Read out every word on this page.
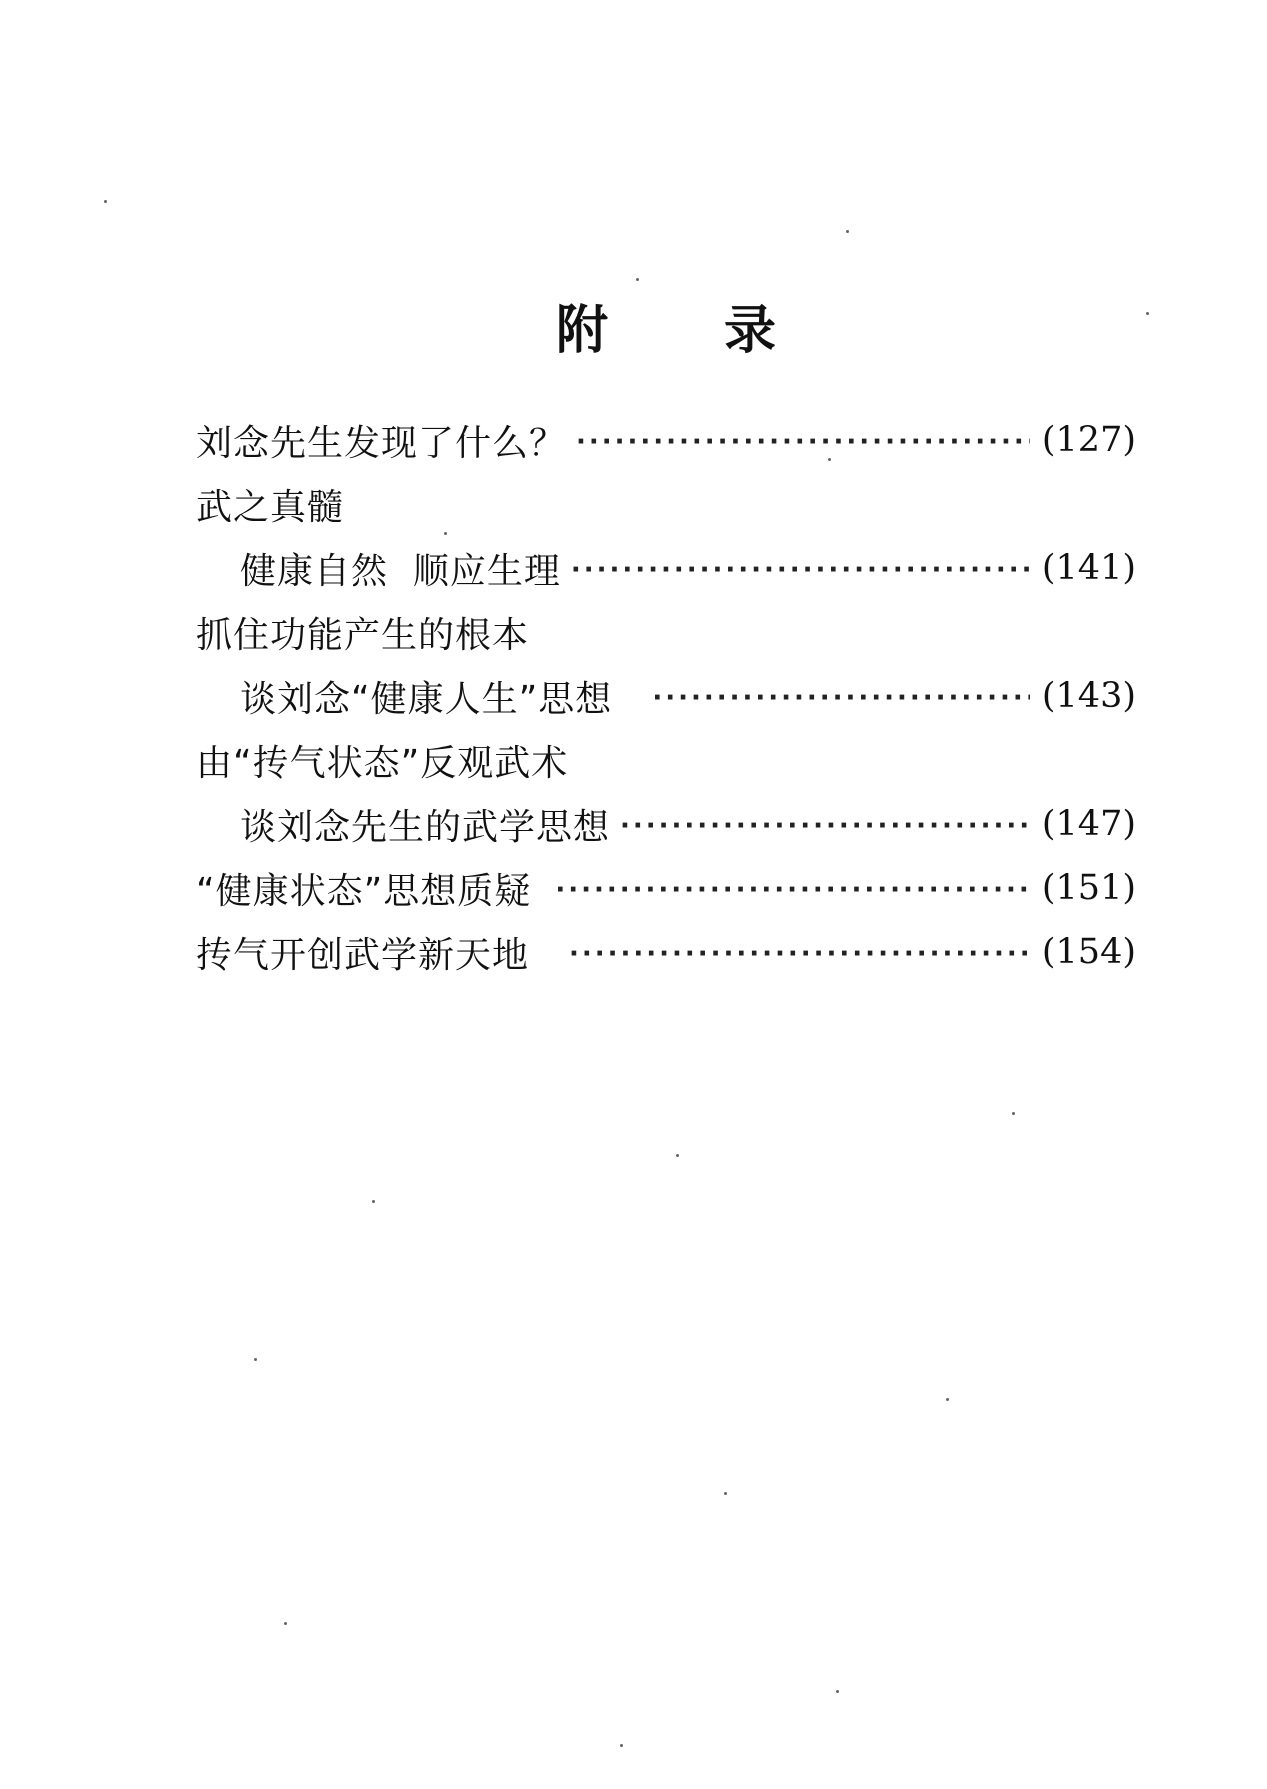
附 录
刘念先生发现了什么？ ·····	(127)
武之真髓
健康自然  顺应生理 ·····	(141)
抓住功能产生的根本
谈刘念“健康人生”思想 ·····	(143)
由“抟气状态”反观武术
谈刘念先生的武学思想 ·····	(147)
“健康状态”思想质疑 ·····	(151)
抟气开创武学新天地 ·····	(154)
